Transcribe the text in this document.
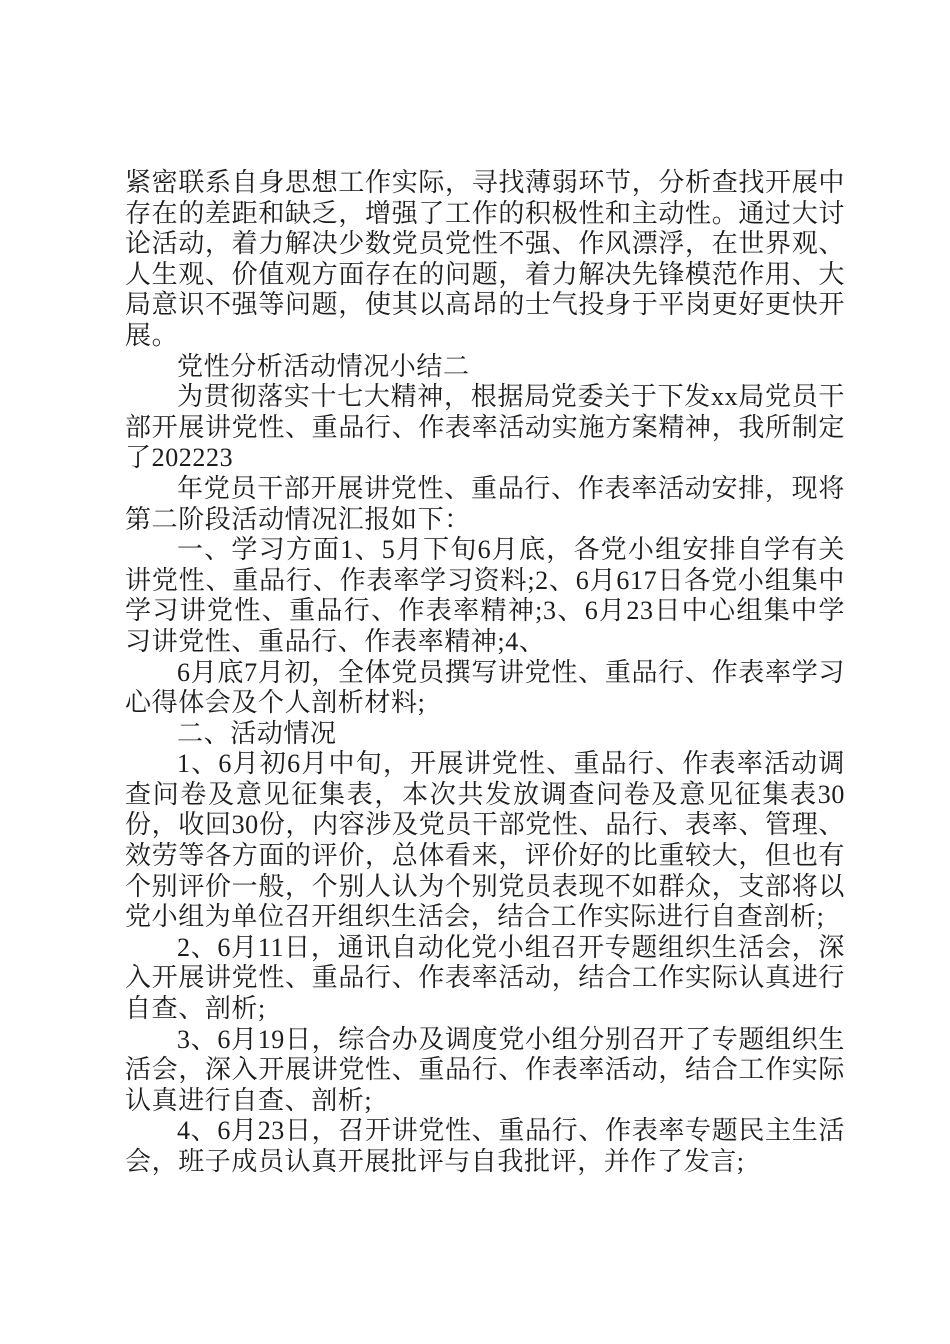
紧密联系自身思想工作实际，寻找薄弱环节，分析查找开展中存在的差距和缺乏，增强了工作的积极性和主动性。通过大讨论活动，着力解决少数党员党性不强、作风漂浮，在世界观、人生观、价值观方面存在的问题，着力解决先锋模范作用、大局意识不强等问题，使其以高昂的士气投身于平岗更好更快开展。

党性分析活动情况小结二

为贯彻落实十七大精神，根据局党委关于下发xx局党员干部开展讲党性、重品行、作表率活动实施方案精神，我所制定了202223

年党员干部开展讲党性、重品行、作表率活动安排，现将第二阶段活动情况汇报如下：

一、学习方面1、5月下旬6月底，各党小组安排自学有关讲党性、重品行、作表率学习资料;2、6月617日各党小组集中学习讲党性、重品行、作表率精神;3、6月23日中心组集中学习讲党性、重品行、作表率精神;4、

6月底7月初，全体党员撰写讲党性、重品行、作表率学习心得体会及个人剖析材料;

二、活动情况

1、6月初6月中旬，开展讲党性、重品行、作表率活动调查问卷及意见征集表，本次共发放调查问卷及意见征集表30份，收回30份，内容涉及党员干部党性、品行、表率、管理、效劳等各方面的评价，总体看来，评价好的比重较大，但也有个别评价一般，个别人认为个别党员表现不如群众，支部将以党小组为单位召开组织生活会，结合工作实际进行自查剖析;

2、6月11日，通讯自动化党小组召开专题组织生活会，深入开展讲党性、重品行、作表率活动，结合工作实际认真进行自查、剖析;

3、6月19日，综合办及调度党小组分别召开了专题组织生活会，深入开展讲党性、重品行、作表率活动，结合工作实际认真进行自查、剖析;

4、6月23日，召开讲党性、重品行、作表率专题民主生活会，班子成员认真开展批评与自我批评，并作了发言;
